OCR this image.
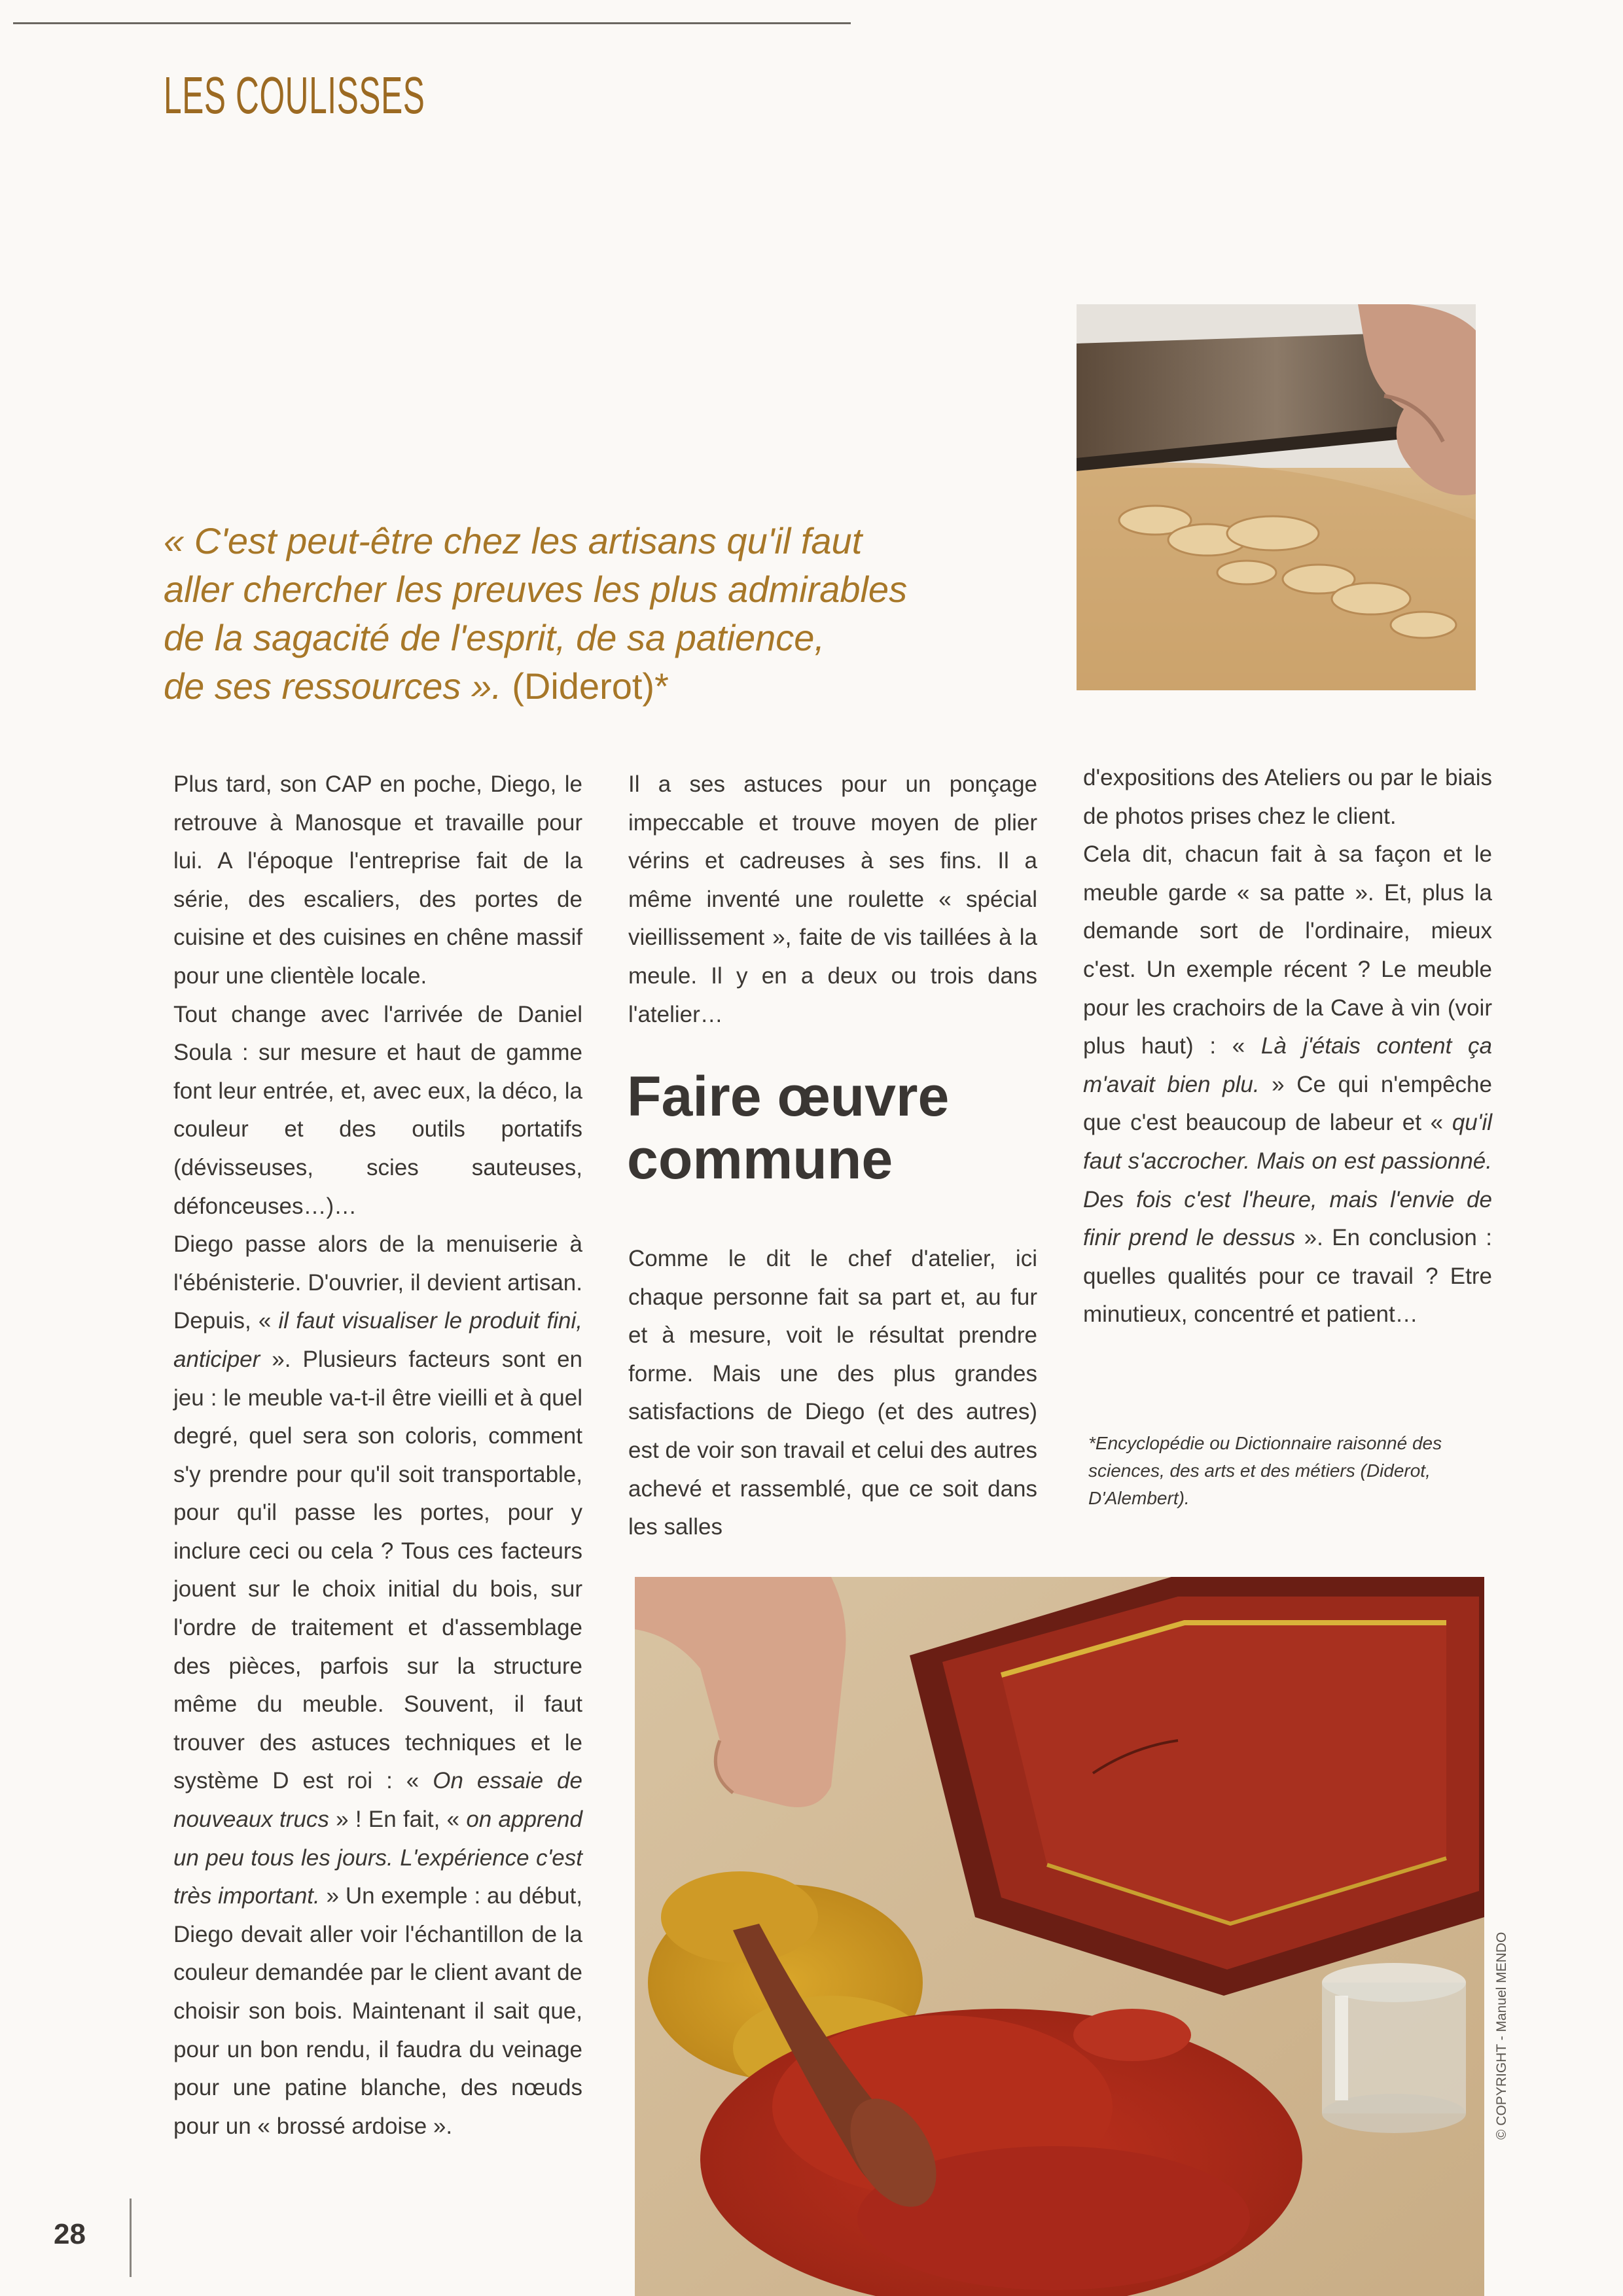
LES COULISSES
« C'est peut-être chez les artisans qu'il faut
aller chercher les preuves les plus admirables
de la sagacité de l'esprit, de sa patience,
de ses ressources ». (Diderot)*

Plus tard, son CAP en poche, Diego, le retrouve à Manosque et travaille pour lui. A l'époque l'entreprise fait de la série, des escaliers, des portes de cuisine et des cuisines en chêne massif pour une clientèle locale.

Tout change avec l'arrivée de Daniel Soula : sur mesure et haut de gamme font leur entrée, et, avec eux, la déco, la couleur et des outils portatifs (dévisseuses, scies sauteuses, défonceuses…)…

Diego passe alors de la menuiserie à l'ébénisterie. D'ouvrier, il devient artisan. Depuis, « il faut visualiser le produit fini, anticiper ». Plusieurs facteurs sont en jeu : le meuble va-t-il être vieilli et à quel degré, quel sera son coloris, comment s'y prendre pour qu'il soit transportable, pour qu'il passe les portes, pour y inclure ceci ou cela ? Tous ces facteurs jouent sur le choix initial du bois, sur l'ordre de traitement et d'assemblage des pièces, parfois sur la structure même du meuble. Souvent, il faut trouver des astuces techniques et le système D est roi : « On essaie de nouveaux trucs » ! En fait, « on apprend un peu tous les jours. L'expérience c'est très important. » Un exemple : au début, Diego devait aller voir l'échantillon de la couleur demandée par le client avant de choisir son bois. Maintenant il sait que, pour un bon rendu, il faudra du veinage pour une patine blanche, des nœuds pour un « brossé ardoise ».

Il a ses astuces pour un ponçage impeccable et trouve moyen de plier vérins et cadreuses à ses fins. Il a même inventé une roulette « spécial vieillissement », faite de vis taillées à la meule. Il y en a deux ou trois dans l'atelier…

Faire œuvre commune

Comme le dit le chef d'atelier, ici chaque personne fait sa part et, au fur et à mesure, voit le résultat prendre forme. Mais une des plus grandes satisfactions de Diego (et des autres) est de voir son travail et celui des autres achevé et rassemblé, que ce soit dans les salles

d'expositions des Ateliers ou par le biais de photos prises chez le client.

Cela dit, chacun fait à sa façon et le meuble garde « sa patte ». Et, plus la demande sort de l'ordinaire, mieux c'est. Un exemple récent ? Le meuble pour les crachoirs de la Cave à vin (voir plus haut) : « Là j'étais content ça m'avait bien plu. » Ce qui n'empêche que c'est beaucoup de labeur et « qu'il faut s'accrocher. Mais on est passionné. Des fois c'est l'heure, mais l'envie de finir prend le dessus ». En conclusion : quelles qualités pour ce travail ? Etre minutieux, concentré et patient…

*Encyclopédie ou Dictionnaire raisonné des sciences, des arts et des métiers (Diderot, D'Alembert).
© COPYRIGHT - Manuel MENDO
28
